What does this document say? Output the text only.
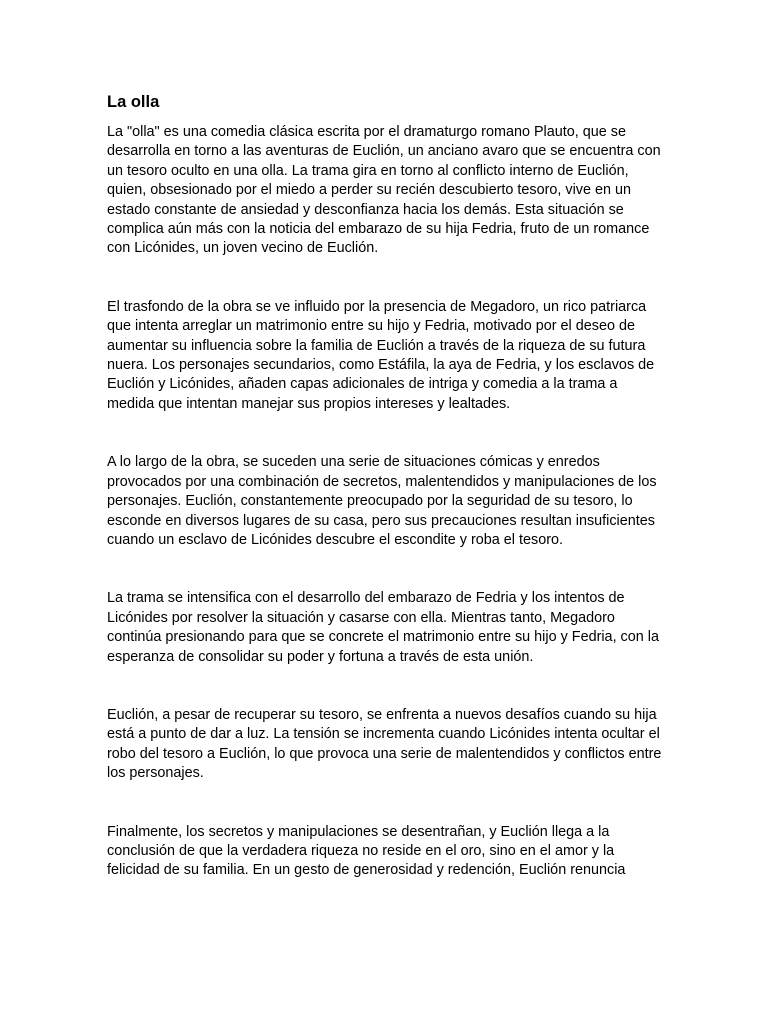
La olla

La "olla" es una comedia clásica escrita por el dramaturgo romano Plauto, que se desarrolla en torno a las aventuras de Euclión, un anciano avaro que se encuentra con un tesoro oculto en una olla. La trama gira en torno al conflicto interno de Euclión, quien, obsesionado por el miedo a perder su recién descubierto tesoro, vive en un estado constante de ansiedad y desconfianza hacia los demás. Esta situación se complica aún más con la noticia del embarazo de su hija Fedria, fruto de un romance con Licónides, un joven vecino de Euclión.

El trasfondo de la obra se ve influido por la presencia de Megadoro, un rico patriarca que intenta arreglar un matrimonio entre su hijo y Fedria, motivado por el deseo de aumentar su influencia sobre la familia de Euclión a través de la riqueza de su futura nuera. Los personajes secundarios, como Estáfila, la aya de Fedria, y los esclavos de Euclión y Licónides, añaden capas adicionales de intriga y comedia a la trama a medida que intentan manejar sus propios intereses y lealtades.

A lo largo de la obra, se suceden una serie de situaciones cómicas y enredos provocados por una combinación de secretos, malentendidos y manipulaciones de los personajes. Euclión, constantemente preocupado por la seguridad de su tesoro, lo esconde en diversos lugares de su casa, pero sus precauciones resultan insuficientes cuando un esclavo de Licónides descubre el escondite y roba el tesoro.

La trama se intensifica con el desarrollo del embarazo de Fedria y los intentos de Licónides por resolver la situación y casarse con ella. Mientras tanto, Megadoro continúa presionando para que se concrete el matrimonio entre su hijo y Fedria, con la esperanza de consolidar su poder y fortuna a través de esta unión.

Euclión, a pesar de recuperar su tesoro, se enfrenta a nuevos desafíos cuando su hija está a punto de dar a luz. La tensión se incrementa cuando Licónides intenta ocultar el robo del tesoro a Euclión, lo que provoca una serie de malentendidos y conflictos entre los personajes.

Finalmente, los secretos y manipulaciones se desentrañan, y Euclión llega a la conclusión de que la verdadera riqueza no reside en el oro, sino en el amor y la felicidad de su familia. En un gesto de generosidad y redención, Euclión renuncia
